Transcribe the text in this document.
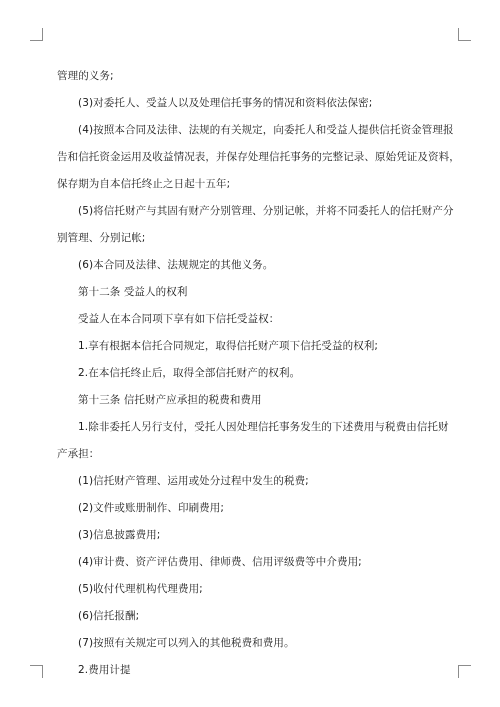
管理的义务;
(3)对委托人、受益人以及处理信托事务的情况和资料依法保密;
(4)按照本合同及法律、法规的有关规定，向委托人和受益人提供信托资金管理报
告和信托资金运用及收益情况表，并保存处理信托事务的完整记录、原始凭证及资料，
保存期为自本信托终止之日起十五年;
(5)将信托财产与其固有财产分别管理、分别记帐，并将不同委托人的信托财产分
别管理、分别记帐;
(6)本合同及法律、法规规定的其他义务。
第十二条 受益人的权利
受益人在本合同项下享有如下信托受益权：
1.享有根据本信托合同规定，取得信托财产项下信托受益的权利;
2.在本信托终止后，取得全部信托财产的权利。
第十三条 信托财产应承担的税费和费用
1.除非委托人另行支付，受托人因处理信托事务发生的下述费用与税费由信托财
产承担：
(1)信托财产管理、运用或处分过程中发生的税费;
(2)文件或账册制作、印刷费用;
(3)信息披露费用;
(4)审计费、资产评估费用、律师费、信用评级费等中介费用;
(5)收付代理机构代理费用;
(6)信托报酬;
(7)按照有关规定可以列入的其他税费和费用。
2.费用计提
